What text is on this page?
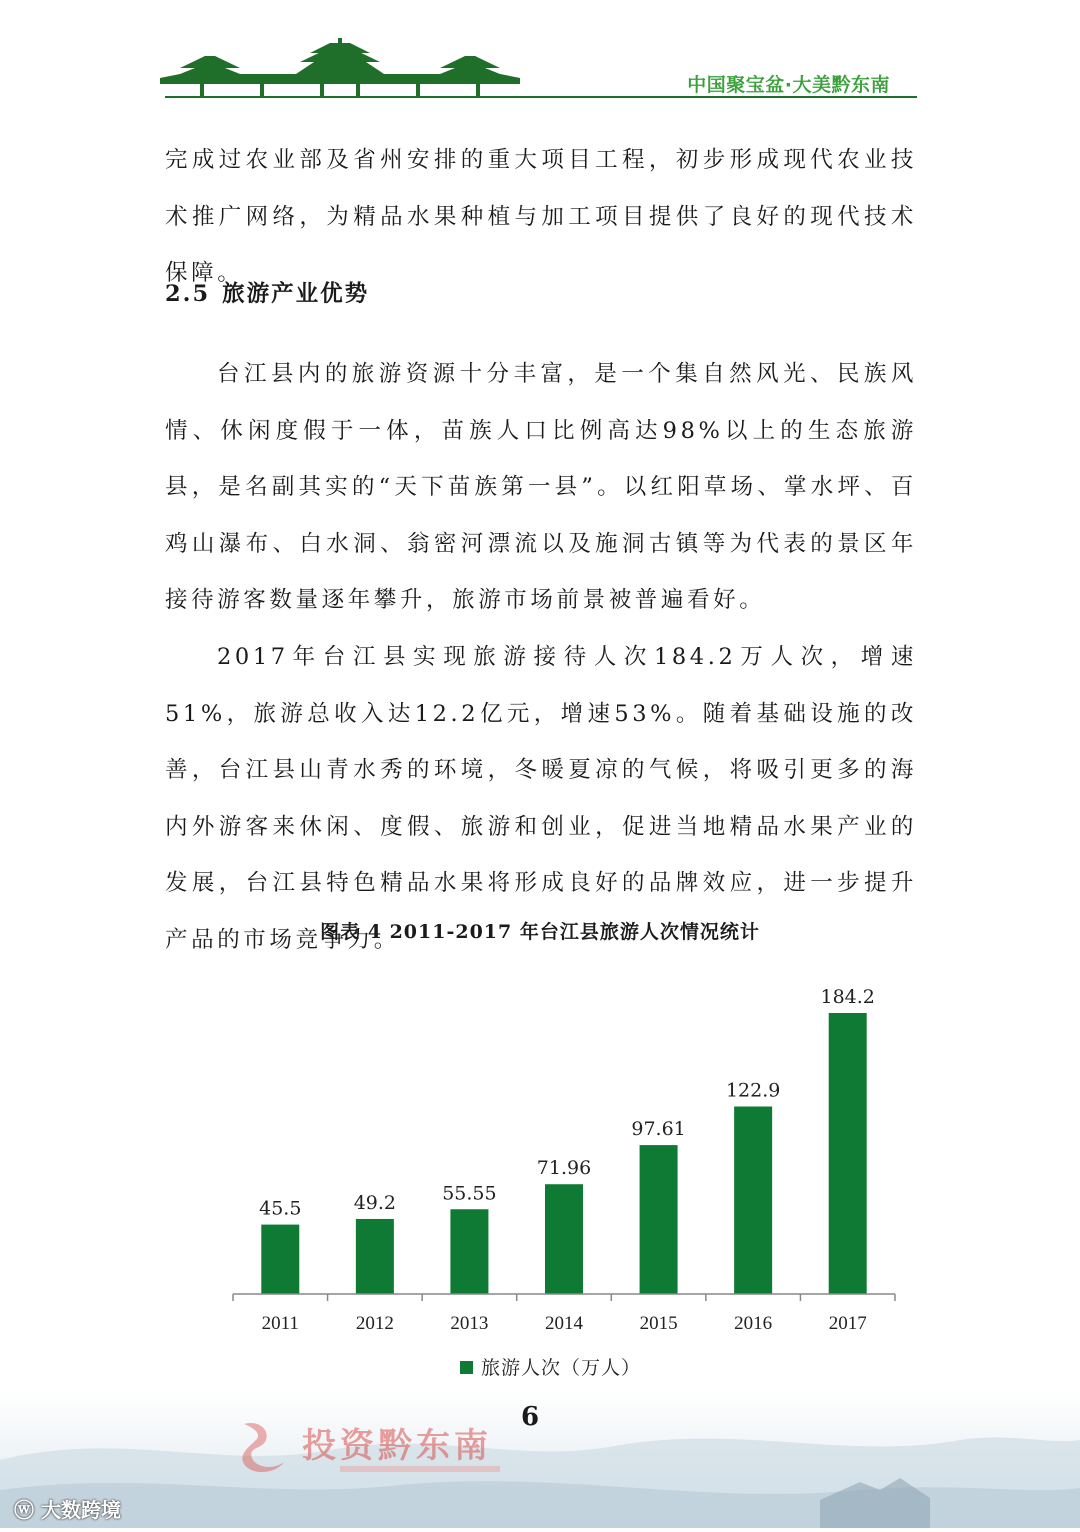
中国聚宝盆·大美黔东南

完成过农业部及省州安排的重大项目工程，初步形成现代农业技术推广网络，为精品水果种植与加工项目提供了良好的现代技术保障。

2.5 旅游产业优势

台江县内的旅游资源十分丰富，是一个集自然风光、民族风情、休闲度假于一体，苗族人口比例高达98%以上的生态旅游县，是名副其实的“天下苗族第一县”。以红阳草场、掌水坪、百鸡山瀑布、白水洞、翁密河漂流以及施洞古镇等为代表的景区年接待游客数量逐年攀升，旅游市场前景被普遍看好。

2017年台江县实现旅游接待人次184.2万人次，增速51%，旅游总收入达12.2亿元，增速53%。随着基础设施的改善，台江县山青水秀的环境，冬暖夏凉的气候，将吸引更多的海内外游客来休闲、度假、旅游和创业，促进当地精品水果产业的发展，台江县特色精品水果将形成良好的品牌效应，进一步提升产品的市场竞争力。

图表 4 2011-2017 年台江县旅游人次情况统计
45.5
2011
49.2
2012
55.55
2013
71.96
2014
97.61
2015
122.9
2016
184.2
2017
旅游人次（万人）
投资黔东南
6
ⓦ 大数跨境
